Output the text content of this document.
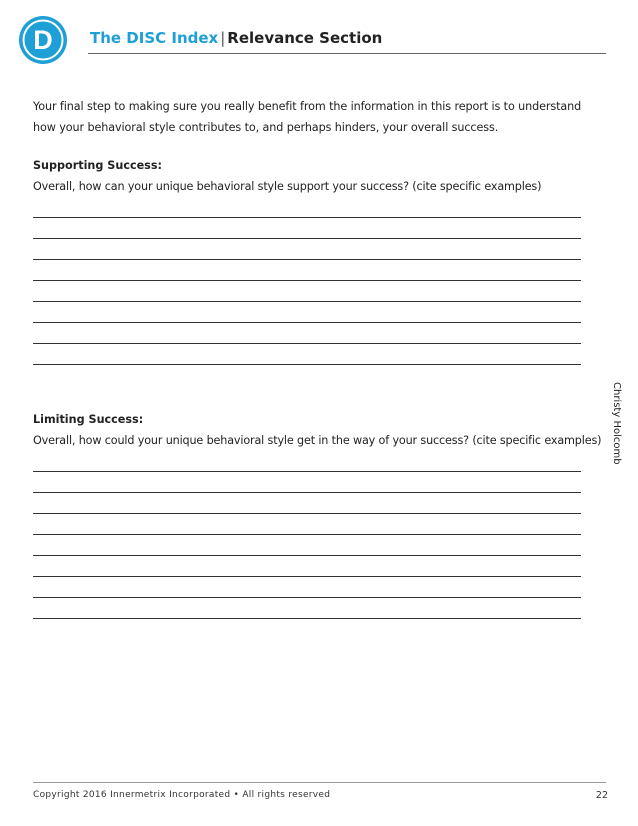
D The DISC Index | Relevance Section

Your final step to making sure you really benefit from the information in this report is to understand how your behavioral style contributes to, and perhaps hinders, your overall success.

Supporting Success:

Overall, how can your unique behavioral style support your success? (cite specific examples)

Limiting Success:

Overall, how could your unique behavioral style get in the way of your success? (cite specific examples) Christy Holcomb
Copyright 2016 Innermetrix Incorporated • All rights reserved	22
